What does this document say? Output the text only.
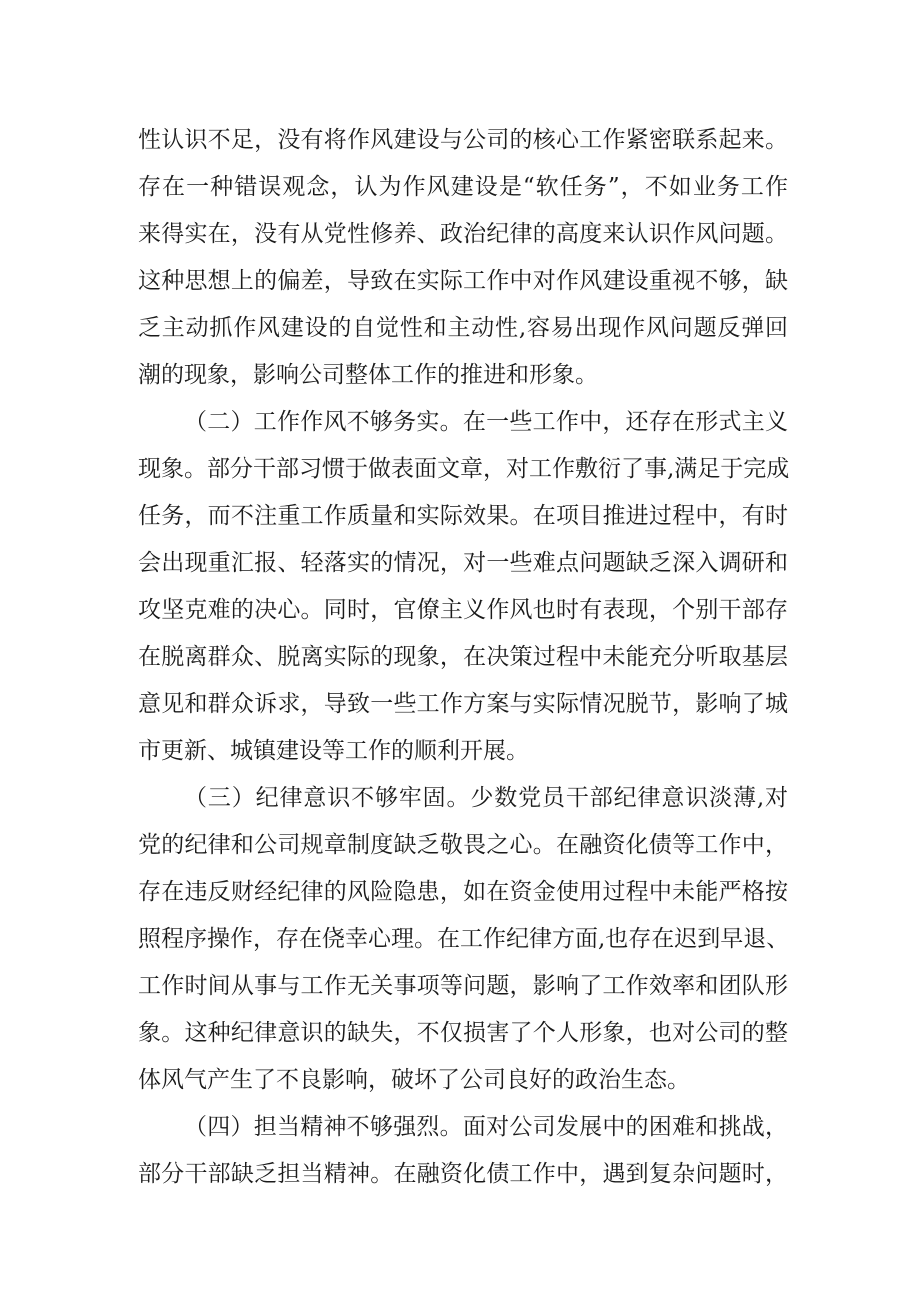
性认识不足，没有将作风建设与公司的核心工作紧密联系起来。
存在一种错误观念，认为作风建设是“软任务”，不如业务工作
来得实在，没有从党性修养、政治纪律的高度来认识作风问题。
这种思想上的偏差，导致在实际工作中对作风建设重视不够，缺
乏主动抓作风建设的自觉性和主动性,容易出现作风问题反弹回
潮的现象，影响公司整体工作的推进和形象。
（二）工作作风不够务实。在一些工作中，还存在形式主义
现象。部分干部习惯于做表面文章，对工作敷衍了事,满足于完成
任务，而不注重工作质量和实际效果。在项目推进过程中，有时
会出现重汇报、轻落实的情况，对一些难点问题缺乏深入调研和
攻坚克难的决心。同时，官僚主义作风也时有表现，个别干部存
在脱离群众、脱离实际的现象，在决策过程中未能充分听取基层
意见和群众诉求，导致一些工作方案与实际情况脱节，影响了城
市更新、城镇建设等工作的顺利开展。
（三）纪律意识不够牢固。少数党员干部纪律意识淡薄,对
党的纪律和公司规章制度缺乏敬畏之心。在融资化债等工作中，
存在违反财经纪律的风险隐患，如在资金使用过程中未能严格按
照程序操作，存在侥幸心理。在工作纪律方面,也存在迟到早退、
工作时间从事与工作无关事项等问题，影响了工作效率和团队形
象。这种纪律意识的缺失，不仅损害了个人形象，也对公司的整
体风气产生了不良影响，破坏了公司良好的政治生态。
（四）担当精神不够强烈。面对公司发展中的困难和挑战，
部分干部缺乏担当精神。在融资化债工作中，遇到复杂问题时，
